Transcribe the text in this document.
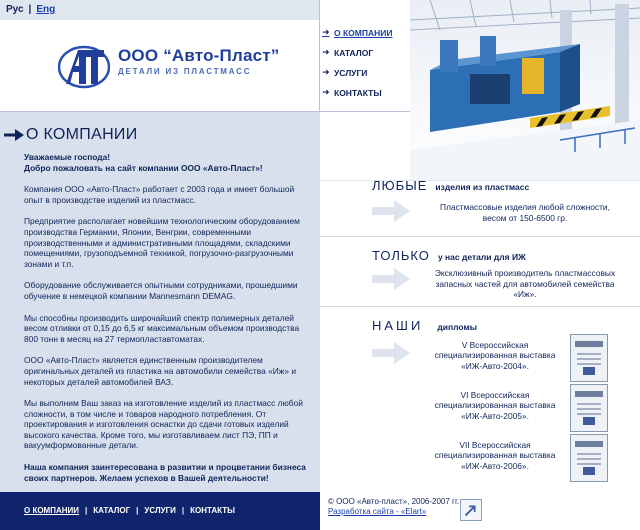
Рус | Eng
ООО “Авто-Пласт”
ДЕТАЛИ ИЗ ПЛАСТМАСС
➜ О КОМПАНИИ
➜ КАТАЛОГ
➜ УСЛУГИ
➜ КОНТАКТЫ
О КОМПАНИИ

Уважаемые господа!
Добро пожаловать на сайт компании ООО «Авто-Пласт»!

Компания ООО «Авто-Пласт» работает с 2003 года и имеет большой опыт в производстве изделий из пластмасс.

Предприятие располагает новейшим технологическим оборудованием производства Германии, Японии, Венгрии, современными производственными и административными площадями, складскими помещениями, грузоподъемной техникой, погрузочно-разгрузочными зонами и т.п.

Оборудование обслуживается опытными сотрудниками, прошедшими обучение в немецкой компании Mannesmann DEMAG.

Мы способны производить широчайший спектр полимерных деталей весом отливки от 0,15 до 6,5 кг максимальным объемом производства 800 тонн в месяц на 27 термопластавтоматах.

ООО «Авто-Пласт» является единственным производителем оригинальных деталей из пластика на автомобили семейства «Иж» и некоторых деталей автомобилей ВАЗ.

Мы выполним Ваш заказ на изготовление изделий из пластмасс любой сложности, в том числе и товаров народного потребления. От проектирования и изготовления оснастки до сдачи готовых изделий высокого качества. Кроме того, мы изготавливаем лист ПЭ, ПП и вакуумформованные детали.

Наша компания заинтересована в развитии и процветании бизнеса своих партнеров. Желаем успехов в Вашей деятельности!

ЛЮБЫЕ изделия из пластмасс
Пластмассовые изделия любой сложности, весом от 150-6500 гр.
ТОЛЬКО у нас детали для ИЖ
Эксклюзивный производитель пластмассовых запасных частей для автомобилей семейства «Иж».
НАШИ дипломы
V Всероссийская специализированная выставка «ИЖ-Авто-2004».
VI Всероссийская специализированная выставка «ИЖ-Авто-2005».
VII Всероссийская специализированная выставка «ИЖ-Авто-2006».
О КОМПАНИИ | КАТАЛОГ | УСЛУГИ | КОНТАКТЫ
© ООО «Авто-пласт», 2006-2007 гг.
Разработка сайта - «Elart»
